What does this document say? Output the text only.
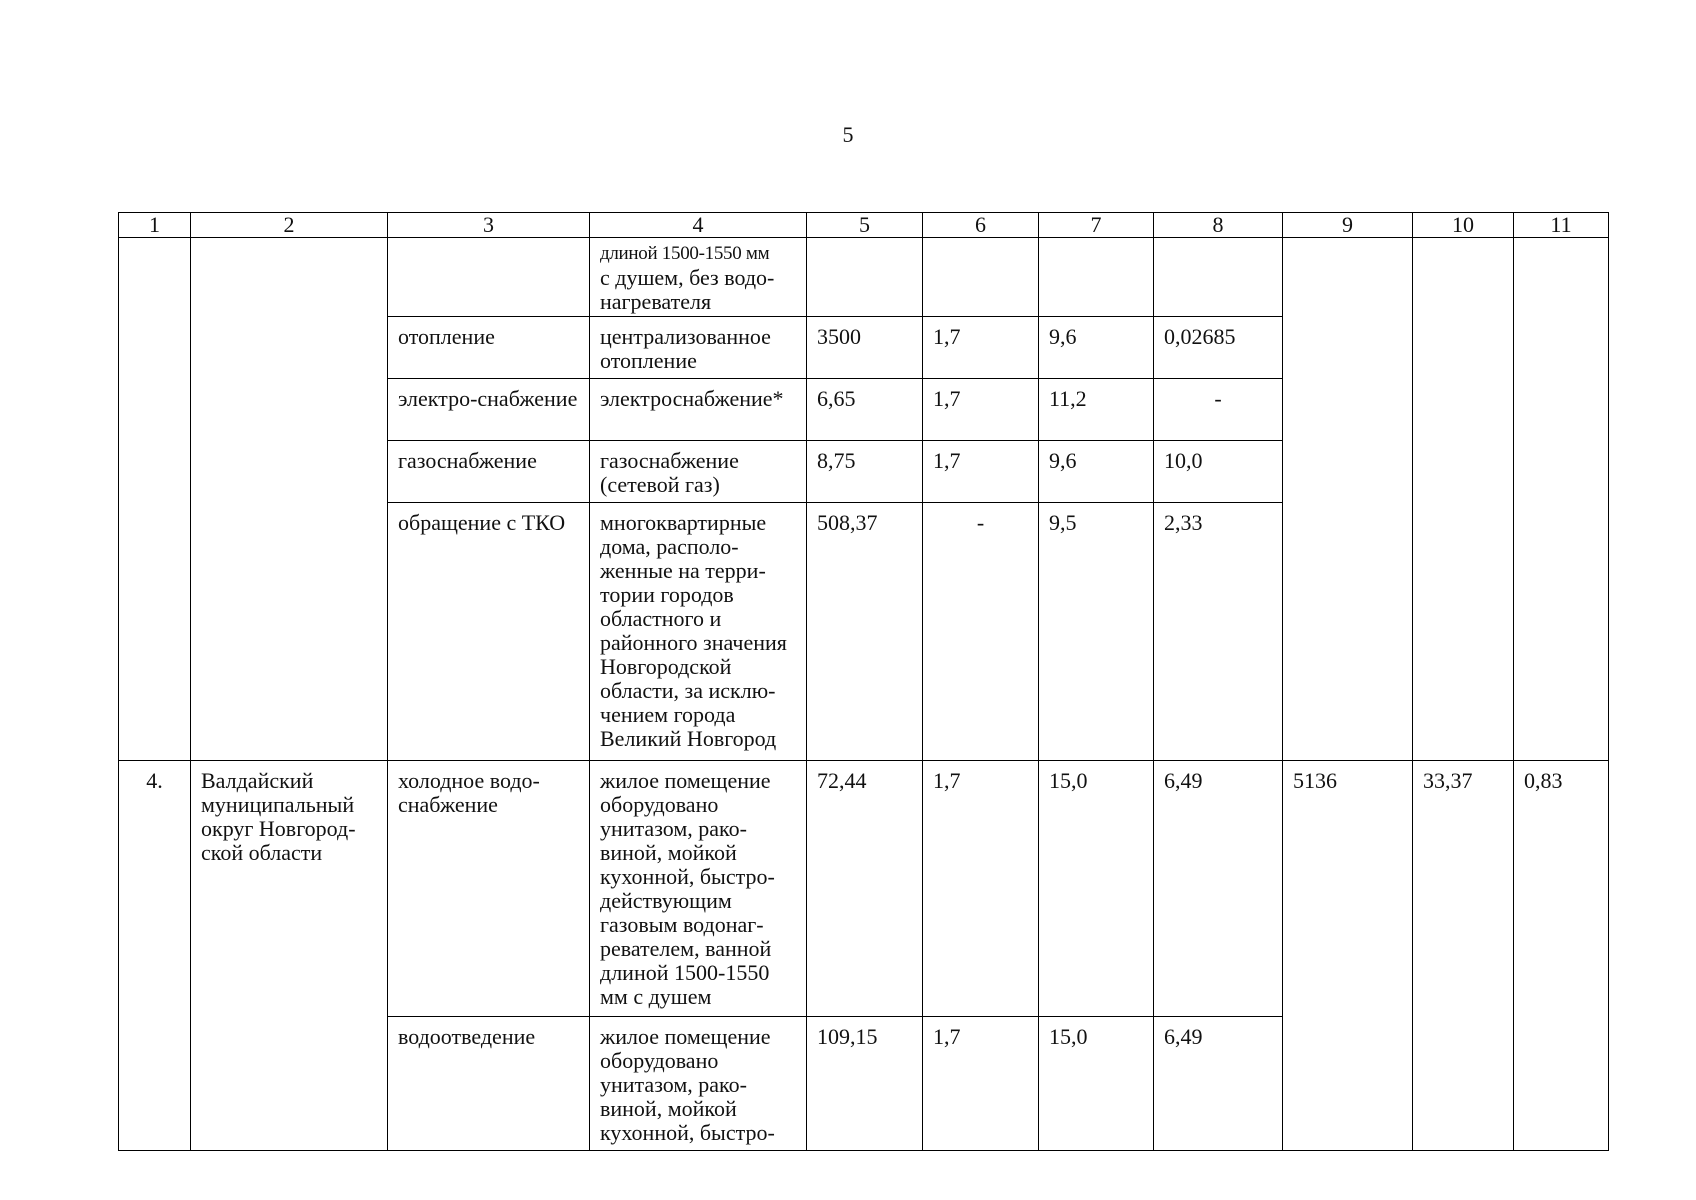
5
1	2	3	4	5	6	7	8	9	10	11
			длиной 1500-1550 мм
с душем, без водо-
нагревателя							
		отопление	централизованное отопление	3500	1,7	9,6	0,02685			
		электро-снабжение	электроснабжение*	6,65	1,7	11,2	-			
		газоснабжение	газоснабжение (сетевой газ)	8,75	1,7	9,6	10,0			
		обращение с ТКО	многоквартирные дома, располо-женные на терри-тории городов областного и районного значения Новгородской области, за исклю-чением города Великий Новгород	508,37	-	9,5	2,33			
4.	Валдайский муниципальный округ Новгород-ской области	холодное водо-снабжение	жилое помещение оборудовано унитазом, рако-виной, мойкой кухонной, быстро-действующим газовым водонаг-ревателем, ванной длиной 1500-1550 мм с душем	72,44	1,7	15,0	6,49	5136	33,37	0,83
		водоотведение	жилое помещение оборудовано унитазом, рако-виной, мойкой кухонной, быстро-	109,15	1,7	15,0	6,49			
